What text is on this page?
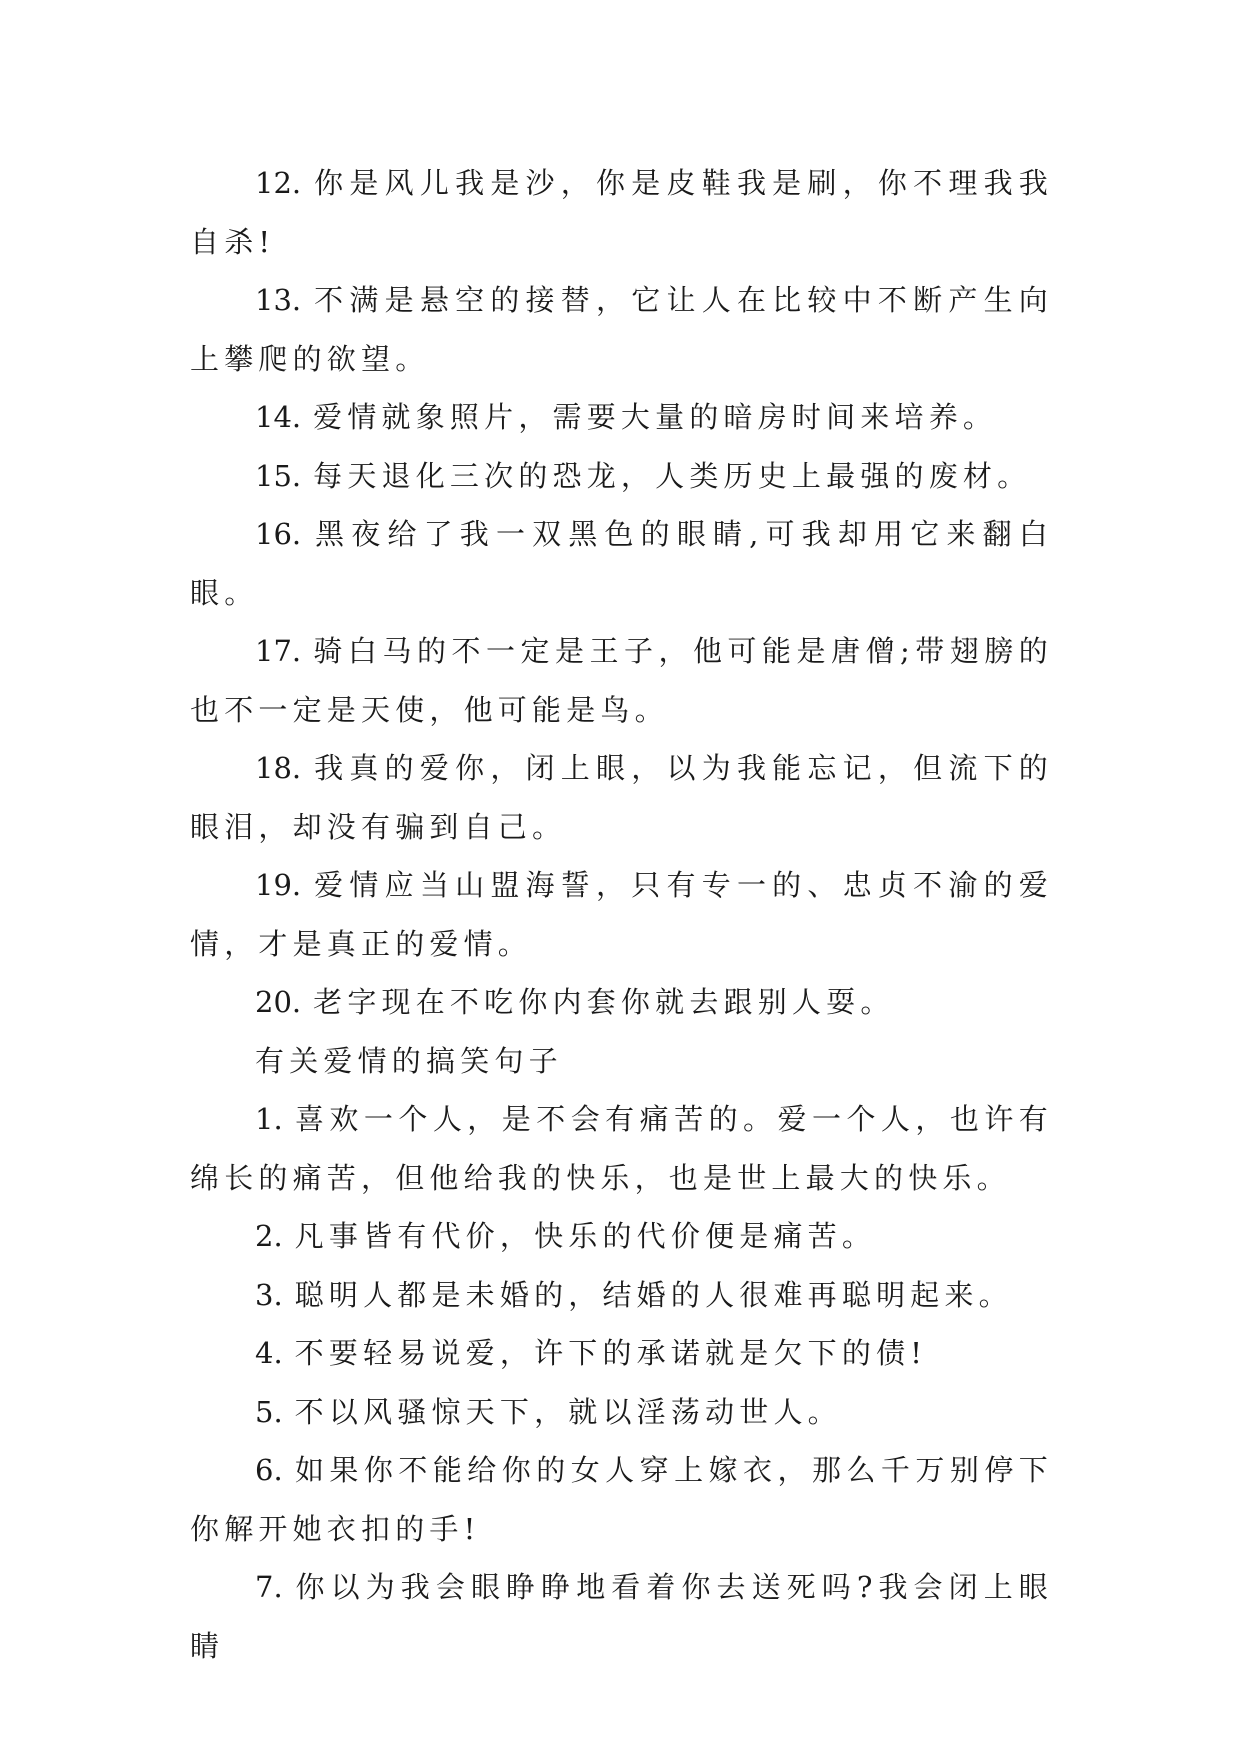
12. 你是风儿我是沙，你是皮鞋我是刷，你不理我我自杀!

13. 不满是悬空的接替，它让人在比较中不断产生向上攀爬的欲望。

14. 爱情就象照片，需要大量的暗房时间来培养。

15. 每天退化三次的恐龙，人类历史上最强的废材。

16. 黑夜给了我一双黑色的眼睛,可我却用它来翻白眼。

17. 骑白马的不一定是王子，他可能是唐僧;带翅膀的也不一定是天使，他可能是鸟。

18. 我真的爱你，闭上眼，以为我能忘记，但流下的眼泪，却没有骗到自己。

19. 爱情应当山盟海誓，只有专一的、忠贞不渝的爱情，才是真正的爱情。

20. 老字现在不吃你内套你就去跟别人耍。

有关爱情的搞笑句子

1. 喜欢一个人，是不会有痛苦的。爱一个人，也许有绵长的痛苦，但他给我的快乐，也是世上最大的快乐。

2. 凡事皆有代价，快乐的代价便是痛苦。

3. 聪明人都是未婚的，结婚的人很难再聪明起来。

4. 不要轻易说爱，许下的承诺就是欠下的债!

5. 不以风骚惊天下，就以淫荡动世人。

6. 如果你不能给你的女人穿上嫁衣，那么千万别停下你解开她衣扣的手!

7. 你以为我会眼睁睁地看着你去送死吗?我会闭上眼睛
